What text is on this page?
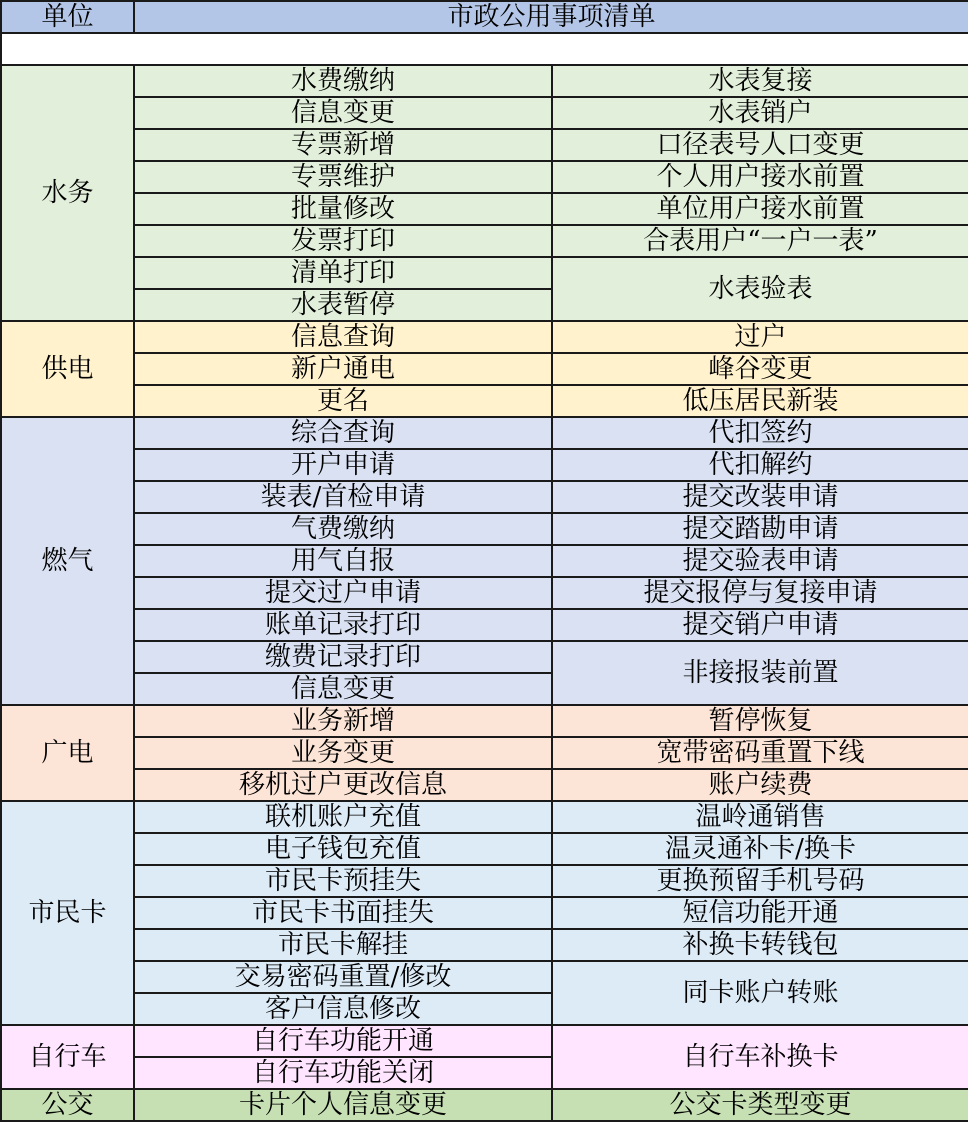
单位	市政公用事项清单	

水务	水费缴纳	水表复接
	信息变更	水表销户
	专票新增	口径表号人口变更
	专票维护	个人用户接水前置
	批量修改	单位用户接水前置
	发票打印	合表用户“一户一表”
	清单打印	水表验表
	水表暂停	
供电	信息查询	过户
	新户通电	峰谷变更
	更名	低压居民新装
燃气	综合查询	代扣签约
	开户申请	代扣解约
	装表/首检申请	提交改装申请
	气费缴纳	提交踏勘申请
	用气自报	提交验表申请
	提交过户申请	提交报停与复接申请
	账单记录打印	提交销户申请
	缴费记录打印	非接报装前置
	信息变更	
广电	业务新增	暂停恢复
	业务变更	宽带密码重置下线
	移机过户更改信息	账户续费
市民卡	联机账户充值	温岭通销售
	电子钱包充值	温灵通补卡/换卡
	市民卡预挂失	更换预留手机号码
	市民卡书面挂失	短信功能开通
	市民卡解挂	补换卡转钱包
	交易密码重置/修改	同卡账户转账
	客户信息修改	
自行车	自行车功能开通	自行车补换卡
	自行车功能关闭	
公交	卡片个人信息变更	公交卡类型变更
